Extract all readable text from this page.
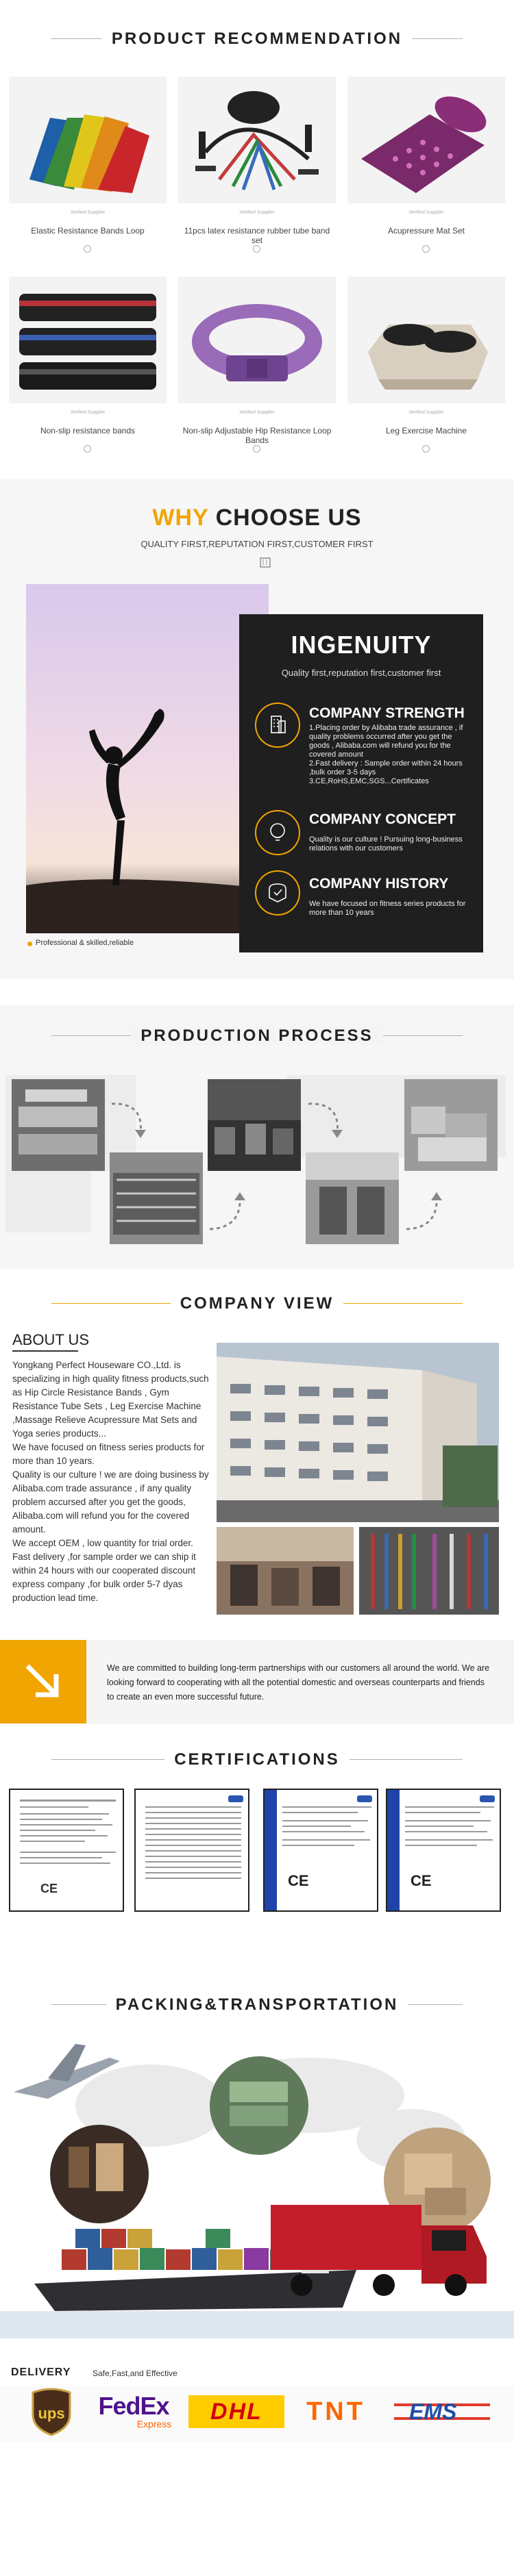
PRODUCT RECOMMENDATION
Verified Supplier
Elastic Resistance Bands Loop
Verified Supplier
11pcs latex resistance rubber tube band set
Verified Supplier
Acupressure Mat Set
Verified Supplier
Non-slip resistance bands
Verified Supplier
Non-slip Adjustable Hip Resistance Loop Bands
Verified Supplier
Leg Exercise Machine
WHY CHOOSE US
QUALITY FIRST,REPUTATION FIRST,CUSTOMER FIRST
Professional & skilled,reliable
INGENUITY
Quality first,reputation first,customer first
COMPANY STRENGTH
1.Placing order by Alibaba trade assurance , if quality problems occurred after you get the goods , Alibaba.com will refund you for the covered amount
2.Fast delivery : Sample order within 24 hours ,bulk order 3-5 days
3.CE,RoHS,EMC,SGS...Certificates
COMPANY CONCEPT
Quality is our culture ! Pursuing long-business relations with our customers
COMPANY HISTORY
We have focused on fitness series products for more than 10 years
PRODUCTION PROCESS
COMPANY VIEW
ABOUT US
Yongkang Perfect Houseware CO.,Ltd. is specializing in high quality fitness products,such as Hip Circle Resistance Bands , Gym Resistance Tube Sets , Leg Exercise Machine ,Massage Relieve Acupressure Mat Sets and Yoga series products...
We have focused on fitness series products for more than 10 years.
Quality is our culture ! we are doing business by Alibaba.com trade assurance , if any quality problem accursed after you get the goods, Alibaba.com will refund you for the covered amount.
We accept OEM , low quantity for trial order.
Fast delivery ,for sample order we can ship it within 24 hours with our cooperated discount express company ,for bulk order 5-7 dyas production lead time.
We are committed to building long-term partnerships with our customers all around the world. We are looking forward to cooperating with all the potential domestic and overseas counterparts and friends to create an even more successful future.
CERTIFICATIONS
CE	CE	CE
PACKING&TRANSPORTATION
DELIVERY	Safe,Fast,and Effective
ups FedEx
Express	DHL	TNT EMS
